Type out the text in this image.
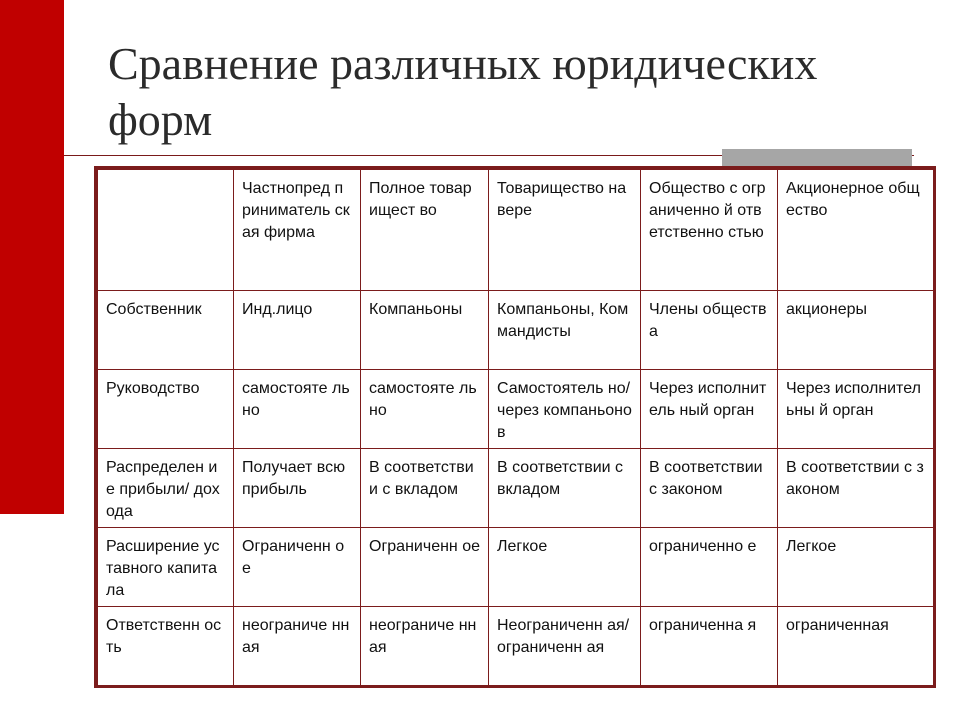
Сравнение различных юридических форм
	Частнопред приниматель ская фирма	Полное товарищест во	Товарищество на вере	Общество с ограниченно й ответственно стью	Акционерное общество
Собственник	Инд.лицо	Компаньоны	Компаньоны, Коммандисты	Члены общества	акционеры
Руководство	самостояте льно	самостояте льно	Самостоятель но/через компаньонов	Через исполнитель ный орган	Через исполнительны й орган
Распределен ие прибыли/ дохода	Получает всю прибыль	В соответстви и с вкладом	В соответствии с вкладом	В соответствии с законом	В соответствии с законом
Расширение уставного капитала	Ограниченн ое	Ограниченн ое	Легкое	ограниченно е	Легкое
Ответственн ость	неограниче нная	неограниче нная	Неограниченн ая/ограниченн ая	ограниченна я	ограниченная
